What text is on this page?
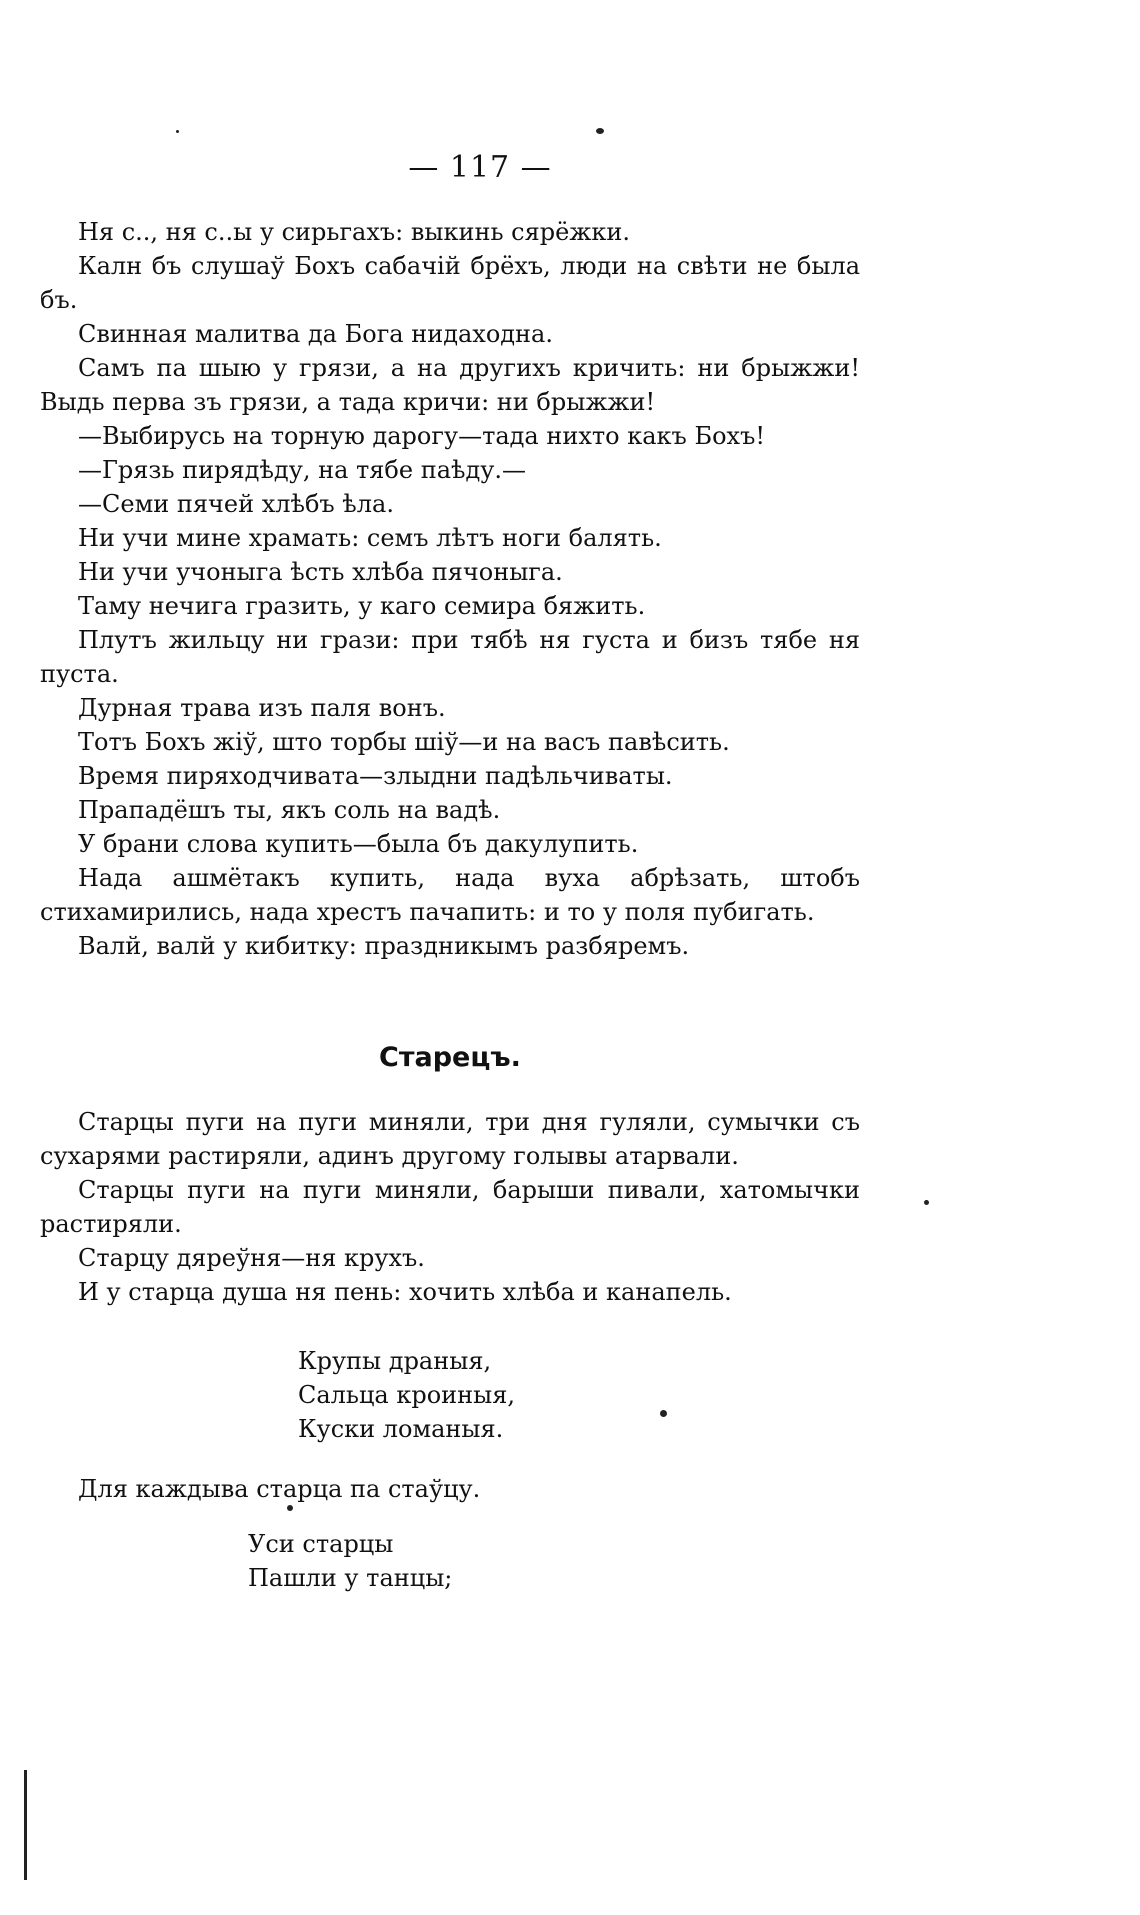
— 117 —

Ня с.., ня с..ы у сирьгахъ: выкинь сярёжки.

Калн бъ слушаў Бохъ сабачій брёхъ, люди на свѣти не была бъ.

Свинная малитва да Бога нидаходна.

Самъ па шыю у грязи, а на другихъ кричить: ни брыжжи! Выдь перва зъ грязи, а тада кричи: ни брыжжи!

—Выбирусь на торную дарогу—тада нихто какъ Бохъ!

—Грязь пирядѣду, на тябе паѣду.—

—Семи пячей хлѣбъ ѣла.

Ни учи мине храмать: семъ лѣтъ ноги балять.

Ни учи учоныга ѣсть хлѣба пячоныга.

Таму нечига гразить, у каго семира бяжить.

Плутъ жильцу ни грази: при тябѣ ня густа и бизъ тябе ня пуста.

Дурная трава изъ паля вонъ.

Тотъ Бохъ жіў, што торбы шіў—и на васъ павѣсить.

Время пиряходчивата—злыдни падѣльчиваты.

Прападёшъ ты, якъ соль на вадѣ.

У брани слова купить—была бъ дакулупить.

Нада ашмётакъ купить, нада вуха абрѣзать, штобъ стихамирились, нада хрестъ пачапить: и то у поля пубигать.

Валй, валй у кибитку: праздникымъ разбяремъ.

Старецъ.

Старцы пуги на пуги миняли, три дня гуляли, сумычки съ сухарями растиряли, адинъ другому голывы атарвали.

Старцы пуги на пуги миняли, барыши пивали, хатомычки растиряли.

Старцу дяреўня—ня крухъ.

И у старца душа ня пень: хочить хлѣба и канапель.

Крупы драныя,

Сальца кроиныя,

Куски ломаныя.

Для каждыва старца па стаўцу.

Уси старцы

Пашли у танцы;
